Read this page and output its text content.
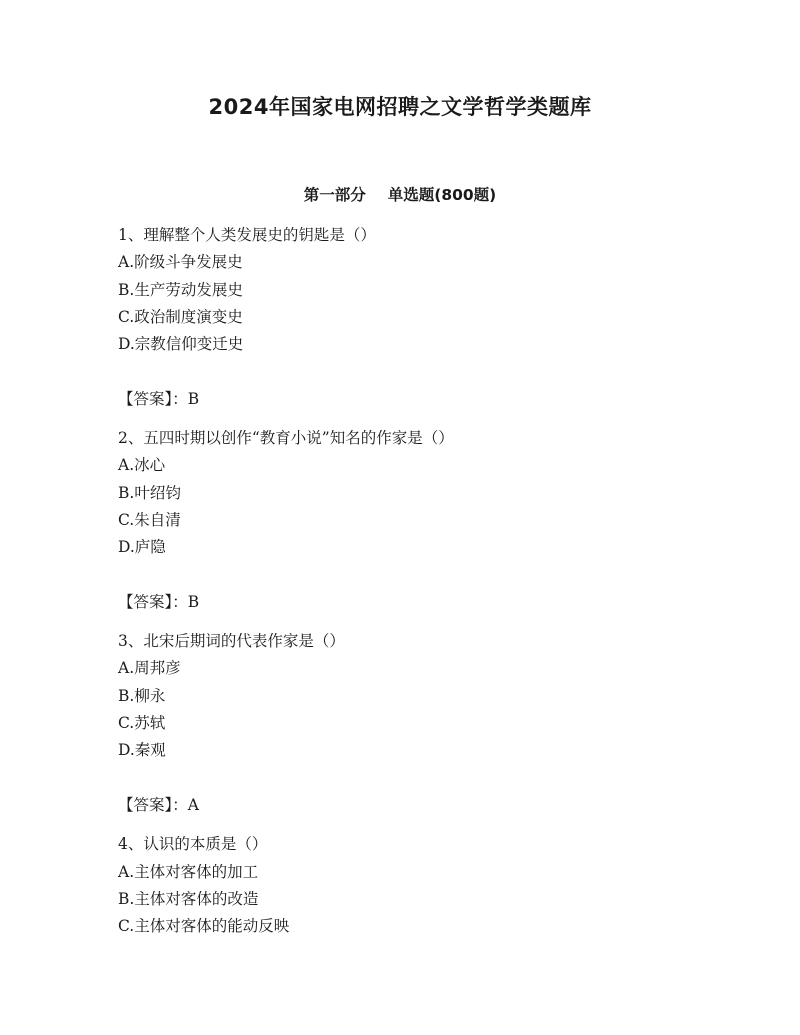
2024年国家电网招聘之文学哲学类题库
第一部分 单选题(800题)
1、理解整个人类发展史的钥匙是（）
A.阶级斗争发展史
B.生产劳动发展史
C.政治制度演变史
D.宗教信仰变迁史
【答案】：B
2、五四时期以创作“教育小说”知名的作家是（）
A.冰心
B.叶绍钧
C.朱自清
D.庐隐
【答案】：B
3、北宋后期词的代表作家是（）
A.周邦彦
B.柳永
C.苏轼
D.秦观
【答案】：A
4、认识的本质是（）
A.主体对客体的加工
B.主体对客体的改造
C.主体对客体的能动反映
